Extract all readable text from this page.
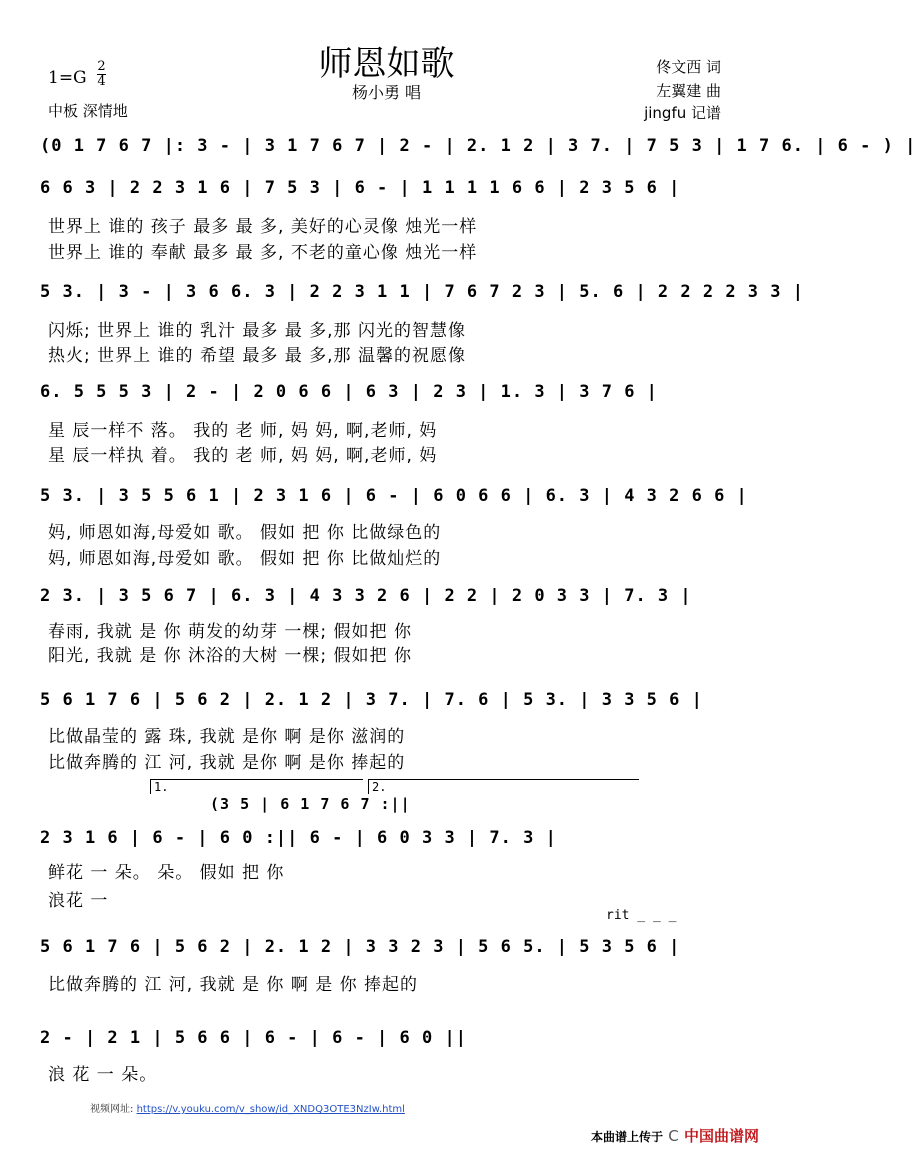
师恩如歌
杨小勇 唱
1=G
2
4
中板 深情地
佟文西 词
左翼建 曲
jingfu 记谱
(0 1 7 6 7 |: 3 - | 3 1 7 6 7 | 2 - | 2. 1 2 | 3 7. | 7 5 3 | 1 7 6. | 6 - ) |
6 6 3 | 2 2 3 1 6 | 7 5 3 | 6 - | 1 1 1 1 6 6 | 2 3 5 6 |
世界上 谁的 孩子 最多 最 多, 美好的心灵像 烛光一样
世界上 谁的 奉献 最多 最 多, 不老的童心像 烛光一样
5 3. | 3 - | 3 6 6. 3 | 2 2 3 1 1 | 7 6 7 2 3 | 5. 6 | 2 2 2 2 3 3 |
闪烁; 世界上 谁的 乳汁 最多 最 多,那 闪光的智慧像
热火; 世界上 谁的 希望 最多 最 多,那 温馨的祝愿像
6. 5 5 5 3 | 2 - | 2 0 6 6 | 6 3 | 2 3 | 1. 3 | 3 7 6 |
星 辰一样不 落。 我的 老 师, 妈 妈, 啊,老师, 妈
星 辰一样执 着。 我的 老 师, 妈 妈, 啊,老师, 妈
5 3. | 3 5 5 6 1 | 2 3 1 6 | 6 - | 6 0 6 6 | 6. 3 | 4 3 2 6 6 |
妈, 师恩如海,母爱如 歌。 假如 把 你 比做绿色的
妈, 师恩如海,母爱如 歌。 假如 把 你 比做灿烂的
2 3. | 3 5 6 7 | 6. 3 | 4 3 3 2 6 | 2 2 | 2 0 3 3 | 7. 3 |
春雨, 我就 是 你 萌发的幼芽 一棵; 假如把 你
阳光, 我就 是 你 沐浴的大树 一棵; 假如把 你
5 6 1 7 6 | 5 6 2 | 2. 1 2 | 3 7. | 7. 6 | 5 3. | 3 3 5 6 |
比做晶莹的 露 珠, 我就 是你 啊 是你 滋润的
比做奔腾的 江 河, 我就 是你 啊 是你 捧起的
1.	2.
(3 5 | 6 1 7 6 7 :||
2 3 1 6 | 6 - | 6 0 :|| 6 - | 6 0 3 3 | 7. 3 |
鲜花 一 朵。 朵。 假如 把 你
浪花 一
rit _ _ _
5 6 1 7 6 | 5 6 2 | 2. 1 2 | 3 3 2 3 | 5 6 5. | 5 3 5 6 |
比做奔腾的 江 河, 我就 是 你 啊 是 你 捧起的
2 - | 2 1 | 5 6 6 | 6 - | 6 - | 6 0 ||
浪 花 一 朵。
视频网址: https://v.youku.com/v_show/id_XNDQ3OTE3NzIw.html
本曲谱上传于 C 中国曲谱网
